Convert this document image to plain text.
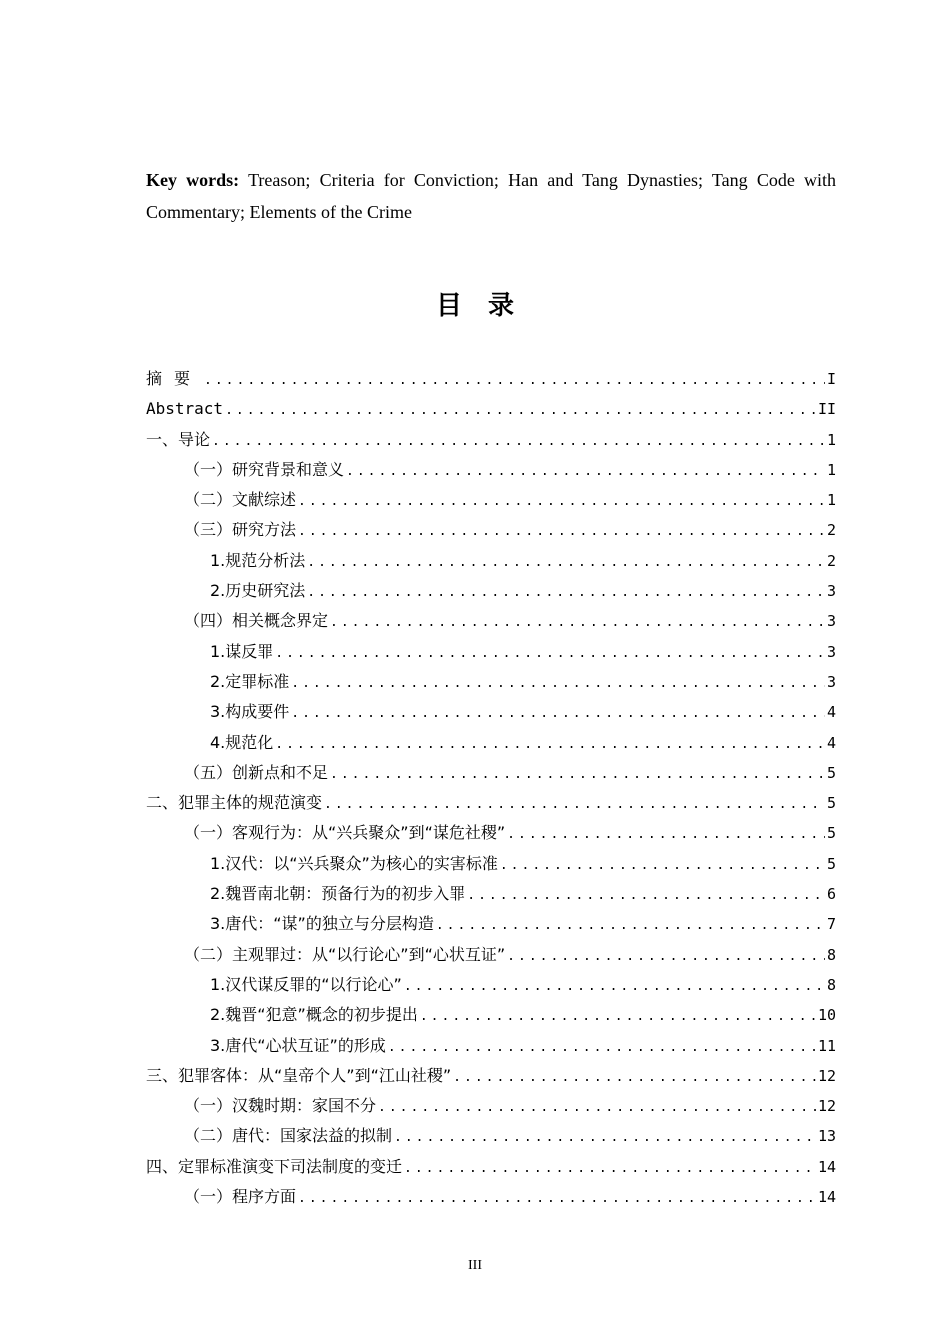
Key words: Treason; Criteria for Conviction; Han and Tang Dynasties; Tang Code with Commentary; Elements of the Crime

目录
摘要 .....	I
Abstract .....	II
一、导论 .....	1
（一）研究背景和意义 .....	1
（二）文献综述 .....	1
（三）研究方法 .....	2
1.规范分析法 .....	2
2.历史研究法 .....	3
（四）相关概念界定 .....	3
1.谋反罪 .....	3
2.定罪标准 .....	3
3.构成要件 .....	4
4.规范化 .....	4
（五）创新点和不足 .....	5
二、犯罪主体的规范演变 .....	5
（一）客观行为：从“兴兵聚众”到“谋危社稷” .....	5
1.汉代：以“兴兵聚众”为核心的实害标准 .....	5
2.魏晋南北朝：预备行为的初步入罪 .....	6
3.唐代：“谋”的独立与分层构造 .....	7
（二）主观罪过：从“以行论心”到“心状互证” .....	8
1.汉代谋反罪的“以行论心” .....	8
2.魏晋“犯意”概念的初步提出 .....	10
3.唐代“心状互证”的形成 .....	11
三、犯罪客体：从“皇帝个人”到“江山社稷” .....	12
（一）汉魏时期：家国不分 .....	12
（二）唐代：国家法益的拟制 .....	13
四、定罪标准演变下司法制度的变迁 .....	14
（一）程序方面 .....	14
III
